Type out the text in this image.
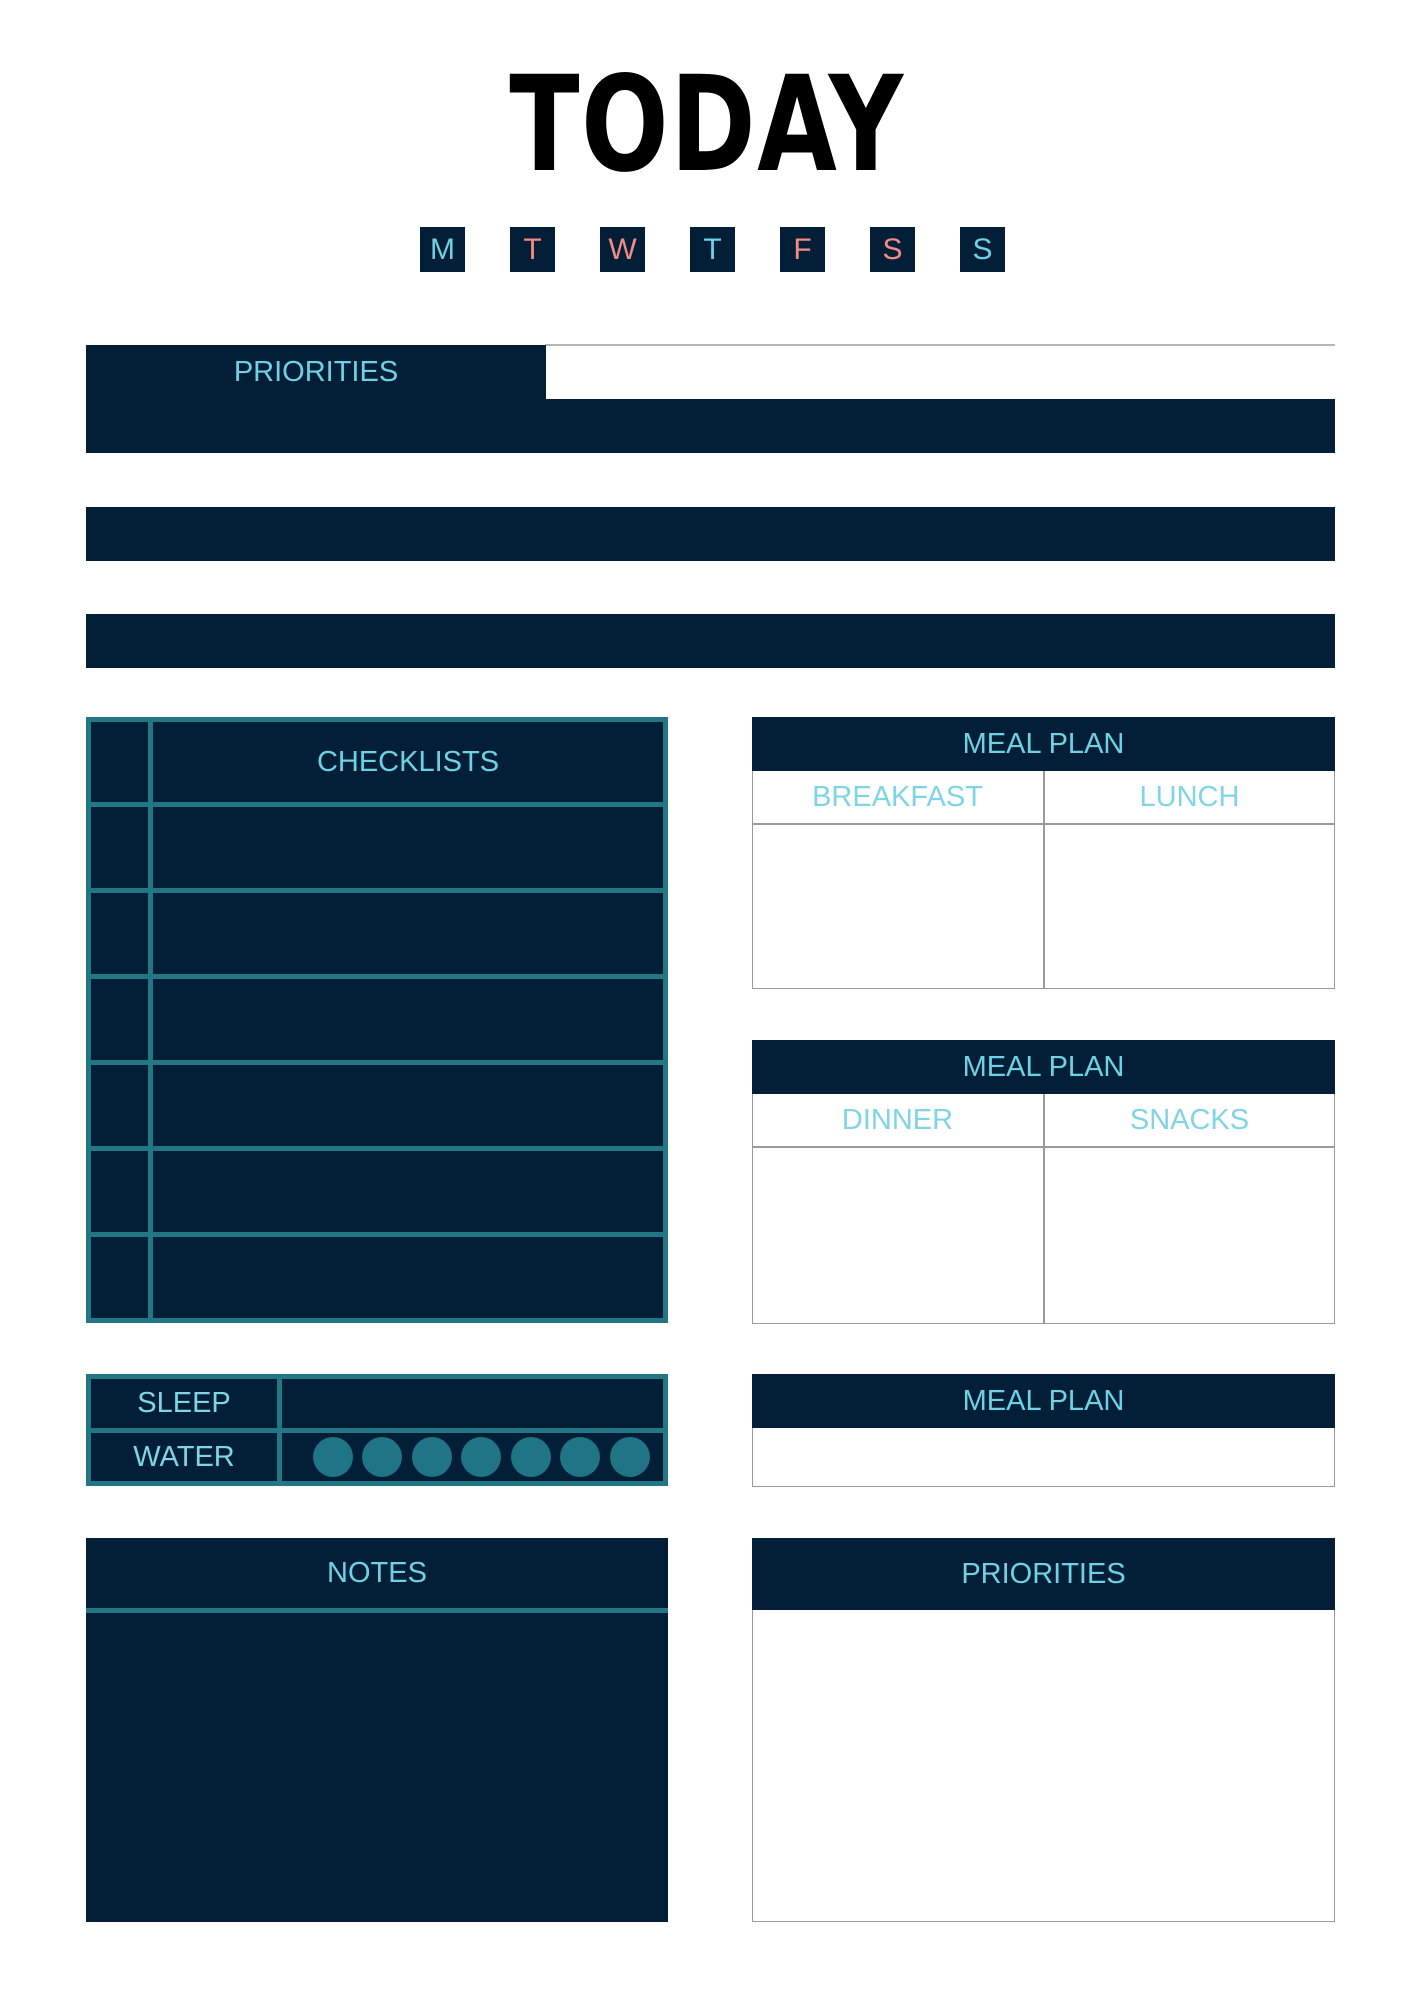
TODAY
M	T	W	T	F	S	S
PRIORITIES
CHECKLISTS
MEAL PLAN
BREAKFAST	LUNCH
MEAL PLAN
DINNER	SNACKS
SLEEP
WATER
MEAL PLAN
NOTES	PRIORITIES
